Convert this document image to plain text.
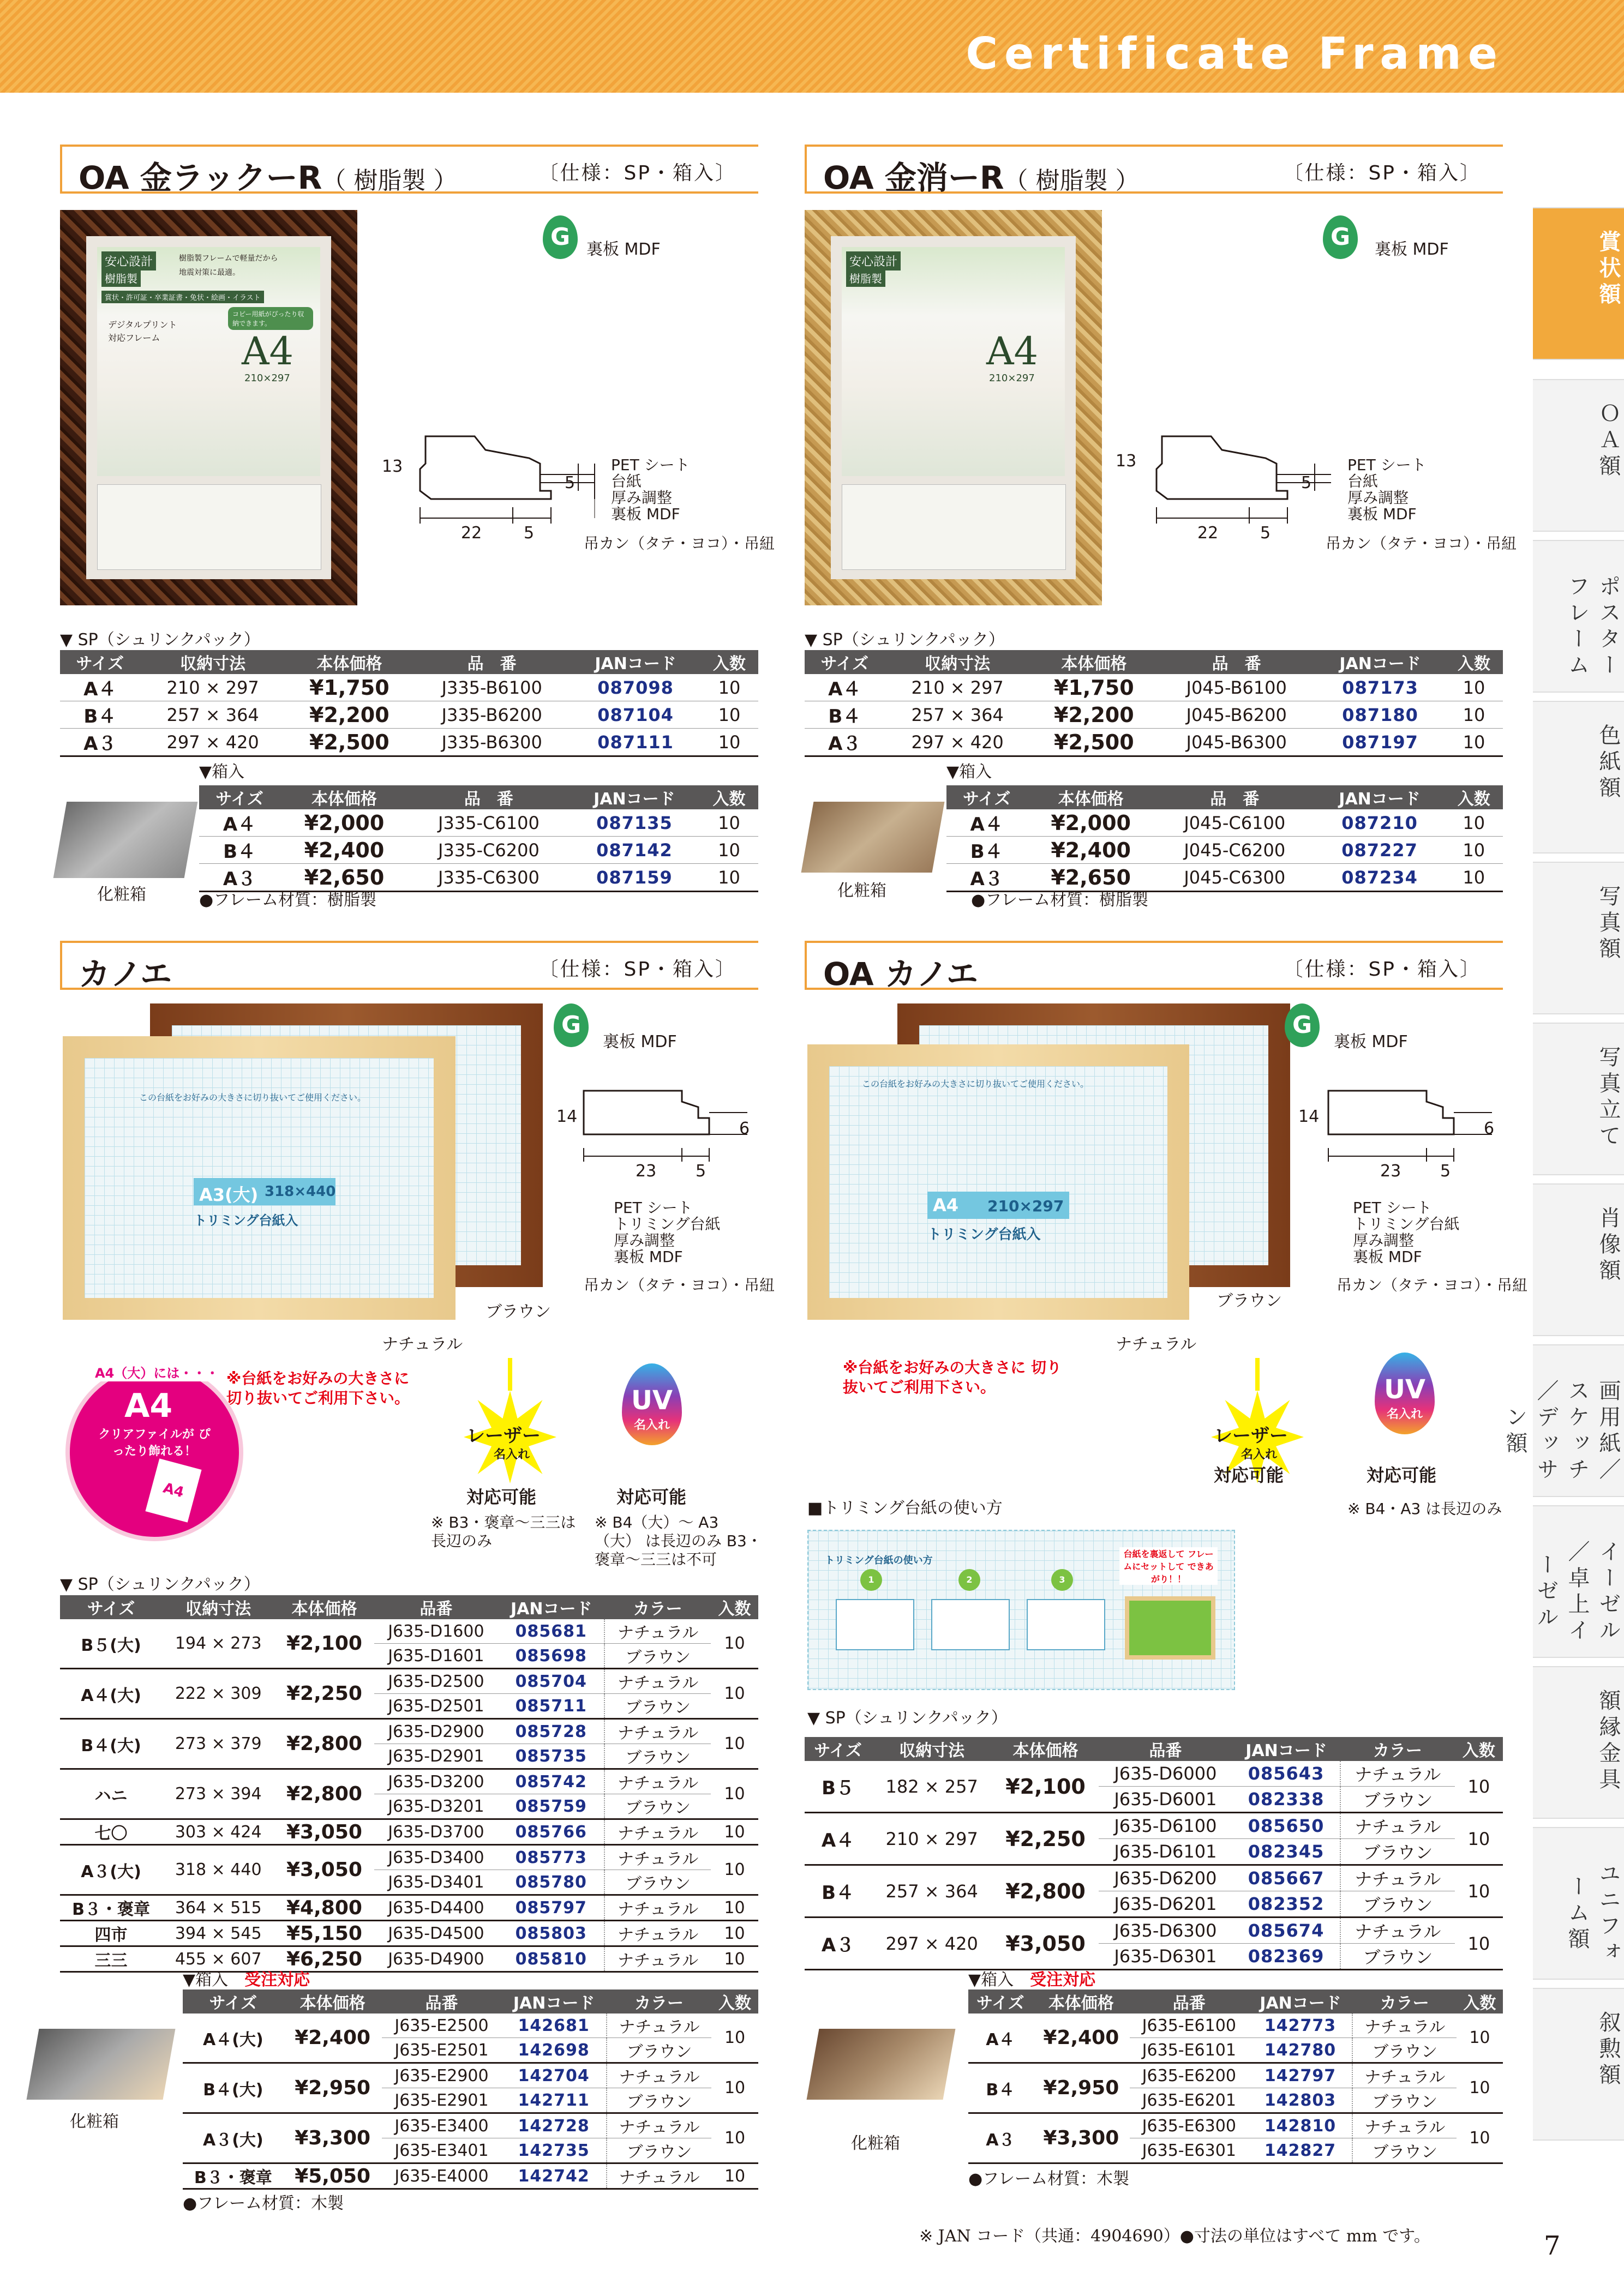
Certificate Frame
賞状額
ＯＡ額
ポスターフレーム
色紙額
写真額
写真立て
肖像額
画用紙／スケッチ／デッサン額
イーゼル／卓上イーゼル
額縁金具
ユニフォーム額
叙勲額
OA 金ラックーR（ 樹脂製 ）	〔仕様：SP・箱入〕
安心設計
樹脂製
樹脂製フレームで軽量だから
地震対策に最適。
賞状・許可証・卒業証書・免状・絵画・イラスト
デジタルプリント
対応フレーム
コピー用紙がぴったり収納できます。
A4
210×297
G 裏板 MDF
13
5
22	5
PET シート
台紙
厚み調整
裏板 MDF
吊カン（タテ・ヨコ）・吊紐
▼ SP（シュリンクパック）
サイズ	収納寸法	本体価格	品　番	JANコード	入数
A４	210 × 297	¥1,750	J335-B6100	087098	10
B４	257 × 364	¥2,200	J335-B6200	087104	10
A３	297 × 420	¥2,500	J335-B6300	087111	10
▼箱入
化粧箱
サイズ	本体価格	品　番	JANコード	入数
A４	¥2,000	J335-C6100	087135	10
B４	¥2,400	J335-C6200	087142	10
A３	¥2,650	J335-C6300	087159	10
OA 金消ーR（ 樹脂製 ）	〔仕様：SP・箱入〕
安心設計
樹脂製
A4
210×297
G	裏板 MDF
13
5
22	5
PET シート
台紙
厚み調整
裏板 MDF
吊カン（タテ・ヨコ）・吊紐
▼ SP（シュリンクパック）
サイズ	収納寸法	本体価格	品　番	JANコード	入数
A４	210 × 297	¥1,750	J045-B6100	087173	10
B４	257 × 364	¥2,200	J045-B6200	087180	10
A３	297 × 420	¥2,500	J045-B6300	087197	10
▼箱入
化粧箱
サイズ	本体価格	品　番	JANコード	入数
A４	¥2,000	J045-C6100	087210	10
B４	¥2,400	J045-C6200	087227	10
A３	¥2,650	J045-C6300	087234	10
●フレーム材質：樹脂製
●フレーム材質：樹脂製
カノエ	〔仕様：SP・箱入〕
この台紙をお好みの大きさに切り抜いてご使用ください。
A3(大) 318×440
トリミング台紙入
ブラウン
ナチュラル
G
裏板 MDF
14
6
23 5
PET シート
トリミング台紙
厚み調整
裏板 MDF
吊カン（タテ・ヨコ）・吊紐
A4（大）には・・・
A4
クリアファイルが ぴったり飾れる！
A4
※台紙をお好みの大きさに 切り抜いてご利用下さい。
レーザー
名入れ
対応可能
※ B3・褒章〜三三は 長辺のみ
UV
名入れ
対応可能
※ B4（大）〜 A3（大） は長辺のみ B3・褒章〜三三は不可
▼ SP（シュリンクパック）
サイズ	収納寸法	本体価格	品番	JANコード	カラー	入数
B５(大)	194 × 273	¥2,100	J635-D1600	085681	ナチュラル	10
			J635-D1601	085698	ブラウン	
A４(大)	222 × 309	¥2,250	J635-D2500	085704	ナチュラル	10
			J635-D2501	085711	ブラウン	
B４(大)	273 × 379	¥2,800	J635-D2900	085728	ナチュラル	10
			J635-D2901	085735	ブラウン	
ハニ	273 × 394	¥2,800	J635-D3200	085742	ナチュラル	10
			J635-D3201	085759	ブラウン	
七〇	303 × 424	¥3,050	J635-D3700	085766	ナチュラル	10
A３(大)	318 × 440	¥3,050	J635-D3400	085773	ナチュラル	10
			J635-D3401	085780	ブラウン	
B３・褒章	364 × 515	¥4,800	J635-D4400	085797	ナチュラル	10
四市	394 × 545	¥5,150	J635-D4500	085803	ナチュラル	10
三三	455 × 607	¥6,250	J635-D4900	085810	ナチュラル	10
▼箱入　 受注対応
化粧箱
サイズ	本体価格	品番	JANコード	カラー	入数
A４(大)	¥2,400	J635-E2500	142681	ナチュラル	10
		J635-E2501	142698	ブラウン	
B４(大)	¥2,950	J635-E2900	142704	ナチュラル	10
		J635-E2901	142711	ブラウン	
A３(大)	¥3,300	J635-E3400	142728	ナチュラル	10
		J635-E3401	142735	ブラウン	
B３・褒章	¥5,050	J635-E4000	142742	ナチュラル	10
●フレーム材質：木製
OA カノエ	〔仕様：SP・箱入〕
この台紙をお好みの大きさに切り抜いてご使用ください。
A4 210×297
トリミング台紙入
ブラウン
ナチュラル
G
裏板 MDF
14
6
23 5
PET シート
トリミング台紙
厚み調整
裏板 MDF
吊カン（タテ・ヨコ）・吊紐
※台紙をお好みの大きさに 切り抜いてご利用下さい。
レーザー
名入れ
対応可能
UV
名入れ
対応可能
※ B4・A3 は長辺のみ
■トリミング台紙の使い方
トリミング台紙の使い方
1	2	3
台紙を裏返して フレームにセットして できあがり！！
▼ SP（シュリンクパック）
サイズ	収納寸法	本体価格	品番	JANコード	カラー	入数
B５	182 × 257	¥2,100	J635-D6000	085643	ナチュラル	10
			J635-D6001	082338	ブラウン	
A４	210 × 297	¥2,250	J635-D6100	085650	ナチュラル	10
			J635-D6101	082345	ブラウン	
B４	257 × 364	¥2,800	J635-D6200	085667	ナチュラル	10
			J635-D6201	082352	ブラウン	
A３	297 × 420	¥3,050	J635-D6300	085674	ナチュラル	10
			J635-D6301	082369	ブラウン	
▼箱入　 受注対応
化粧箱
サイズ	本体価格	品番	JANコード	カラー	入数
A４	¥2,400	J635-E6100	142773	ナチュラル	10
		J635-E6101	142780	ブラウン	
B４	¥2,950	J635-E6200	142797	ナチュラル	10
		J635-E6201	142803	ブラウン	
A３	¥3,300	J635-E6300	142810	ナチュラル	10
		J635-E6301	142827	ブラウン	
●フレーム材質：木製
※ JAN コード（共通：4904690）●寸法の単位はすべて mm です。	7
